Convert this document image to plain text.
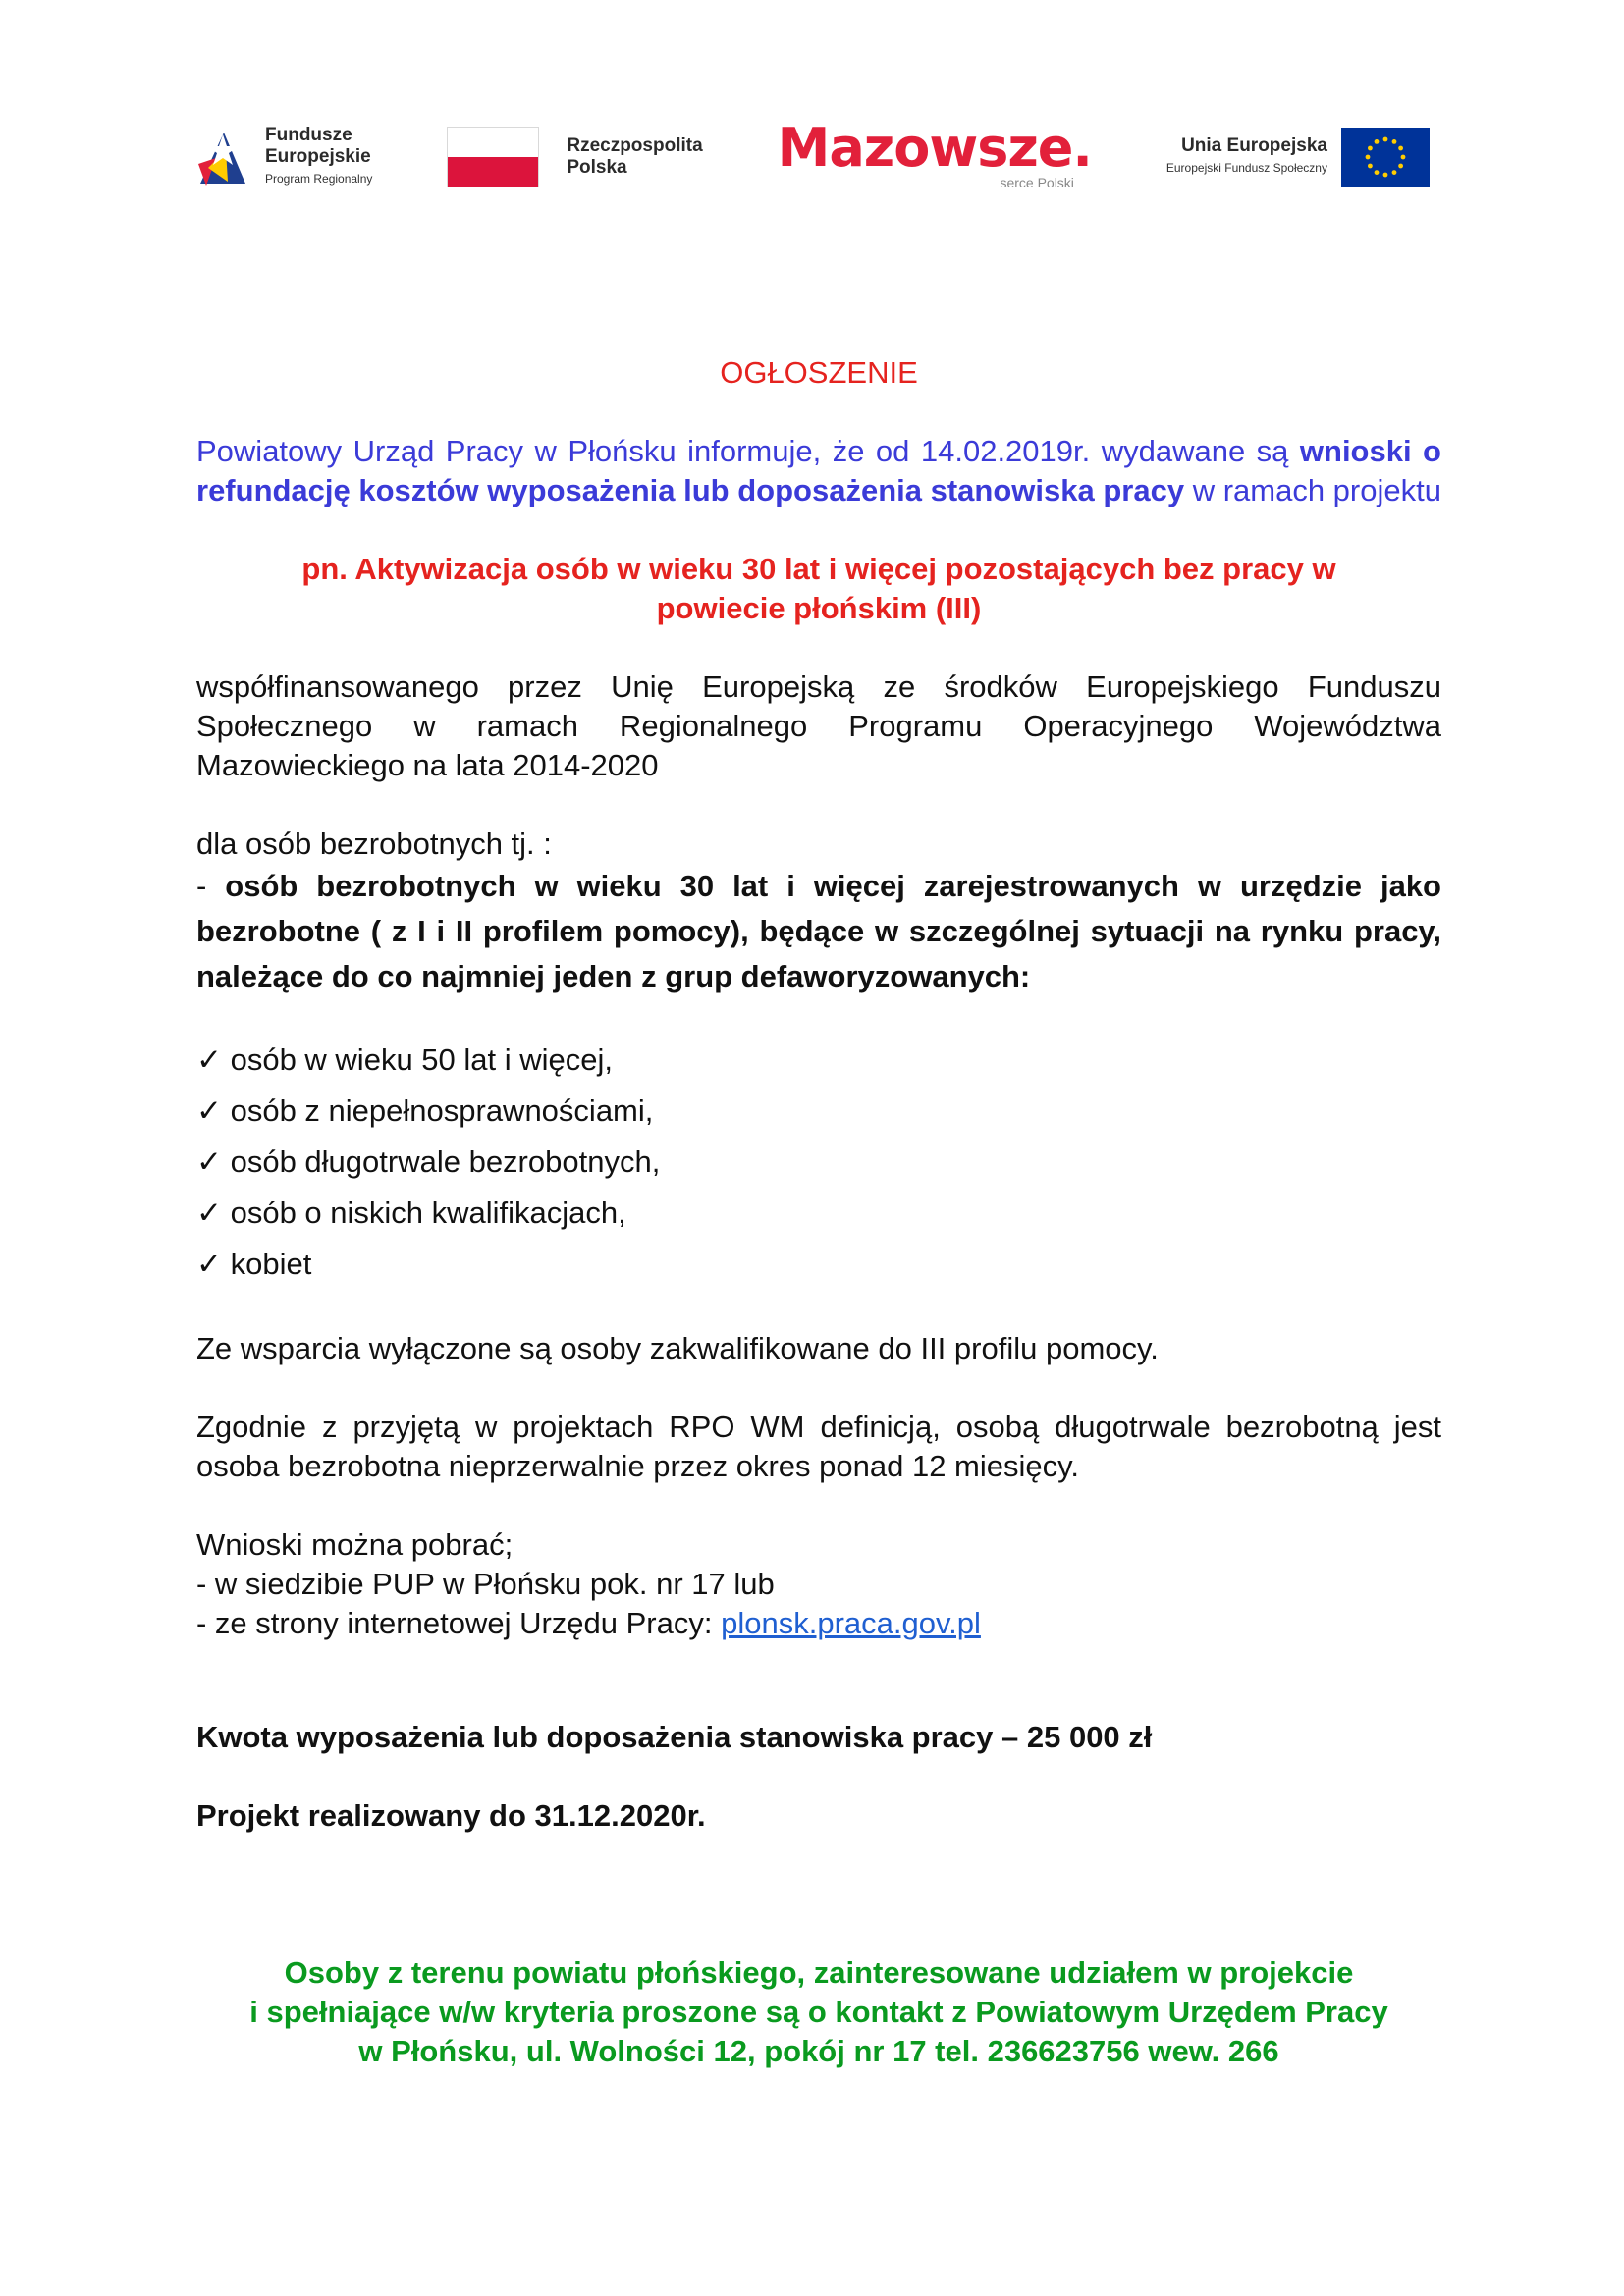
Fundusze
Europejskie
Program Regionalny
Rzeczpospolita
Polska	Mazowsze.
serce Polski
Unia Europejska
Europejski Fundusz Społeczny

OGŁOSZENIE

Powiatowy Urząd Pracy w Płońsku informuje, że od 14.02.2019r. wydawane są wnioski o refundację kosztów wyposażenia lub doposażenia stanowiska pracy w ramach projektu

pn. Aktywizacja osób w wieku 30 lat i więcej pozostających bez pracy w

powiecie płońskim (III)

współfinansowanego przez Unię Europejską ze środków Europejskiego Funduszu Społecznego w ramach Regionalnego Programu Operacyjnego Województwa Mazowieckiego na lata 2014-2020

dla osób bezrobotnych tj. :

- osób bezrobotnych w wieku 30 lat i więcej zarejestrowanych w urzędzie jako bezrobotne ( z I i II profilem pomocy), będące w szczególnej sytuacji na rynku pracy, należące do co najmniej jeden z grup defaworyzowanych:

✓ osób w wieku 50 lat i więcej,
✓ osób z niepełnosprawnościami,
✓ osób długotrwale bezrobotnych,
✓ osób o niskich kwalifikacjach,
✓ kobiet

Ze wsparcia wyłączone są osoby zakwalifikowane do III profilu pomocy.

Zgodnie z przyjętą w projektach RPO WM definicją, osobą długotrwale bezrobotną jest osoba bezrobotna nieprzerwalnie przez okres ponad 12 miesięcy.

Wnioski można pobrać;

- w siedzibie PUP w Płońsku pok. nr 17 lub

- ze strony internetowej Urzędu Pracy: plonsk.praca.gov.pl

Kwota wyposażenia lub doposażenia stanowiska pracy – 25 000 zł

Projekt realizowany do 31.12.2020r.

Osoby z terenu powiatu płońskiego, zainteresowane udziałem w projekcie

i spełniające w/w kryteria proszone są o kontakt z Powiatowym Urzędem Pracy

w Płońsku, ul. Wolności 12, pokój nr 17 tel. 236623756 wew. 266
